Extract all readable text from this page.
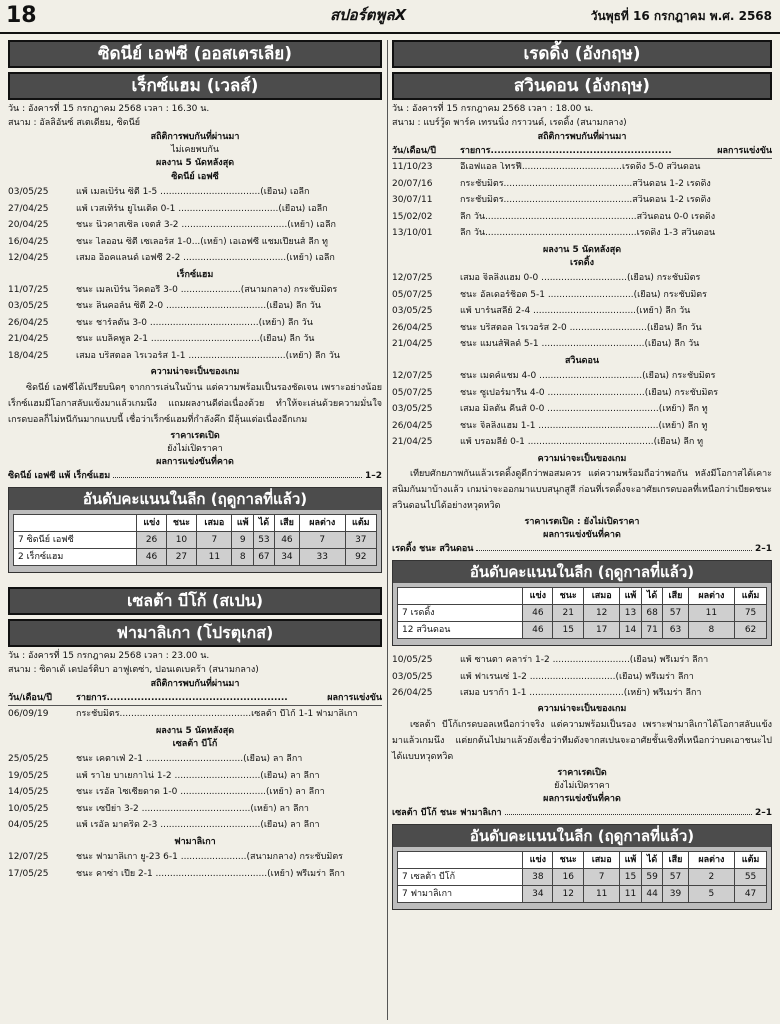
18	สปอร์ตพูลX	วันพุธที่ 16 กรกฎาคม พ.ศ. 2568
ซิดนีย์ เอฟซี (ออสเตรเลีย)
เร็กซ์แฮม (เวลส์)
วัน : อังคารที่ 15 กรกฎาคม 2568 เวลา : 16.30 น.
สนาม : อัลลิอันซ์ สเตเดียม, ซิดนีย์
สถิติการพบกันที่ผ่านมา
ไม่เคยพบกัน
ผลงาน 5 นัดหลังสุด
ซิดนีย์ เอฟซี
03/05/25	แพ้ เมลเบิร์น ซิตี้ 1-5 ...................................(เยือน) เอลีก
27/04/25	แพ้ เวสเทิร์น ยูไนเต็ด 0-1 ...................................(เยือน) เอลีก
20/04/25	ชนะ นิวคาสเซิ่ล เจตส์ 3-2 .....................................(เหย้า) เอลีก
16/04/25	ชนะ ไลออน ซิตี้ เซเลอร์ส 1-0...(เหย้า) เอเอฟซี แชมเปี้ยนส์ ลีก ทู
12/04/25	เสมอ อ็อคแลนด์ เอฟซี 2-2 ....................................(เหย้า) เอลีก
เร็กซ์แฮม
11/07/25	ชนะ เมลเบิร์น วิคตอรี่ 3-0 .....................(สนามกลาง) กระชับมิตร
03/05/25	ชนะ ลินคอล์น ซิตี้ 2-0 ...................................(เยือน) ลีก วัน
26/04/25	ชนะ ชาร์ลตัน 3-0 ......................................(เหย้า) ลีก วัน
21/04/25	ชนะ แบล็คพูล 2-1 ......................................(เยือน) ลีก วัน
18/04/25	เสมอ บริสตอล โรเวอร์ส 1-1 ..................................(เหย้า) ลีก วัน
ความน่าจะเป็นของเกม
ซิดนีย์ เอฟซีได้เปรียบนิดๆ จากการเล่นในบ้าน แต่ความพร้อมเป็นรองชัดเจน เพราะอย่างน้อยเร็กซ์แฮมมีโอกาสลับแข้งมาแล้วเกมนึง แถมผลงานดีต่อเนื่องด้วย ทำให้จะเล่นด้วยความมั่นใจ เกรดบอลก็ไม่หนีกันมากแบบนี้ เชื่อว่าเร็กซ์แฮมที่กำลังคึก มีลุ้นแต่อเนื่องอีกเกม
ราคาเรตเปิด
ยังไม่เปิดราคา
ผลการแข่งขันที่คาด
ซิดนีย์ เอฟซี แพ้ เร็กซ์แฮม	1–2
อันดับคะแนนในลีก (ฤดูกาลที่แล้ว)
	แข่ง	ชนะ	เสมอ	แพ้	ได้	เสีย	ผลต่าง	แต้ม
7 ซิดนีย์ เอฟซี	26	10	7	9	53	46	7	37
2 เร็กซ์แฮม	46	27	11	8	67	34	33	92
เซลต้า บีโก้ (สเปน)
ฟามาลิเกา (โปรตุเกส)
วัน : อังคารที่ 15 กรกฎาคม 2568 เวลา : 23.00 น.
สนาม : ซิดาเด้ เดปอร์ติบา อาฟูเตซ่า, ปอนเตเบดร้า (สนามกลาง)
สถิติการพบกันที่ผ่านมา
วัน/เดือน/ปี	รายการ.....................................................	ผลการแข่งขัน
06/09/19	กระชับมิตร..............................................เซลต้า บีโก้ 1-1 ฟามาลิเกา
ผลงาน 5 นัดหลังสุด
เซลต้า บีโก้
25/05/25	ชนะ เคตาเฟ่ 2-1 ..................................(เยือน) ลา ลีกา
19/05/25	แพ้ ราโย บาเยกาโน่ 1-2 ..............................(เยือน) ลา ลีกา
14/05/25	ชนะ เรอัล โซเซียดาด 1-0 ..............................(เหย้า) ลา ลีกา
10/05/25	ชนะ เซบีย่า 3-2 ......................................(เหย้า) ลา ลีกา
04/05/25	แพ้ เรอัล มาดริด 2-3 ...................................(เยือน) ลา ลีกา
ฟามาลิเกา
12/07/25	ชนะ ฟามาลิเกา ยู-23 6-1 .......................(สนามกลาง) กระชับมิตร
17/05/25	ชนะ คาซ่า เปีย 2-1 .......................................(เหย้า) พรีเมร่า ลีกา
เรดดิ้ง (อังกฤษ)
สวินดอน (อังกฤษ)
วัน : อังคารที่ 15 กรกฎาคม 2568 เวลา : 18.00 น.
สนาม : แบร์วู้ด พาร์ค เทรนนิ่ง กราวนด์, เรดดิ้ง (สนามกลาง)
สถิติการพบกันที่ผ่านมา
วัน/เดือน/ปี	รายการ.....................................................	ผลการแข่งขัน
11/10/23	อีเอฟแอล โทรฟี่...................................เรดดิ้ง 5-0 สวินดอน
20/07/16	กระชับมิตร.............................................สวินดอน 1-2 เรดดิ้ง
30/07/11	กระชับมิตร.............................................สวินดอน 1-2 เรดดิ้ง
15/02/02	ลีก วัน.....................................................สวินดอน 0-0 เรดดิ้ง
13/10/01	ลีก วัน.....................................................เรดดิ้ง 1-3 สวินดอน
ผลงาน 5 นัดหลังสุด
เรดดิ้ง
12/07/25	เสมอ จิลลิ่งแฮม 0-0 ..............................(เยือน) กระชับมิตร
05/07/25	ชนะ อัลเดอร์ช็อต 5-1 ..............................(เยือน) กระชับมิตร
03/05/25	แพ้ บาร์นสลี่ย์ 2-4 ....................................(เหย้า) ลีก วัน
26/04/25	ชนะ บริสตอล โรเวอร์ส 2-0 ...........................(เยือน) ลีก วัน
21/04/25	ชนะ แมนส์ฟิลด์ 5-1 ....................................(เยือน) ลีก วัน
สวินดอน
12/07/25	ชนะ เมดค์แชม 4-0 ....................................(เยือน) กระชับมิตร
05/07/25	ชนะ ซูเปอร์มารีน 4-0 ..................................(เยือน) กระชับมิตร
03/05/25	เสมอ มิลตัน คีนส์ 0-0 .......................................(เหย้า) ลีก ทู
26/04/25	ชนะ จิลลิ่งแฮม 1-1 ..........................................(เหย้า) ลีก ทู
21/04/25	แพ้ บรอมลี่ย์ 0-1 ............................................(เยือน) ลีก ทู
ความน่าจะเป็นของเกม
เทียบศักยภาพกันแล้วเรดดิ้งดูดีกว่าพอสมควร แต่ความพร้อมถือว่าพอกัน หลังมีโอกาสได้เคาะสนิมกันมาบ้างแล้ว เกมน่าจะออกมาแบบสนุกสูสี ก่อนที่เรดดิ้งจะอาศัยเกรดบอลที่เหนือกว่าเบียดชนะสวินดอนไปได้อย่างหวุดหวิด
ราคาเรตเปิด : ยังไม่เปิดราคา
ผลการแข่งขันที่คาด
เรดดิ้ง ชนะ สวินดอน	2–1
อันดับคะแนนในลีก (ฤดูกาลที่แล้ว)
	แข่ง	ชนะ	เสมอ	แพ้	ได้	เสีย	ผลต่าง	แต้ม
7 เรดดิ้ง	46	21	12	13	68	57	11	75
12 สวินดอน	46	15	17	14	71	63	8	62
10/05/25	แพ้ ซานตา คลาร่า 1-2 ...........................(เยือน) พรีเมร่า ลีกา
03/05/25	แพ้ ฟาเรนเซ่ 1-2 ..............................(เยือน) พรีเมร่า ลีกา
26/04/25	เสมอ บราก้า 1-1 .................................(เหย้า) พรีเมร่า ลีกา
ความน่าจะเป็นของเกม
เซลต้า บีโก้เกรดบอลเหนือกว่าจริง แต่ความพร้อมเป็นรอง เพราะฟามาลิเกาได้โอกาสลับแข้งมาแล้วเกมนึง แต่ยกต้นไปมาแล้วยังเชื่อว่าทีมดังจากสเปนจะอาศัยชั้นเชิงที่เหนือกว่าบดเอาชนะไปได้แบบหวุดหวิด
ราคาเรตเปิด
ยังไม่เปิดราคา
ผลการแข่งขันที่คาด
เซลต้า บีโก้ ชนะ ฟามาลิเกา	2–1
อันดับคะแนนในลีก (ฤดูกาลที่แล้ว)
	แข่ง	ชนะ	เสมอ	แพ้	ได้	เสีย	ผลต่าง	แต้ม
7 เซลต้า บีโก้	38	16	7	15	59	57	2	55
7 ฟามาลิเกา	34	12	11	11	44	39	5	47
